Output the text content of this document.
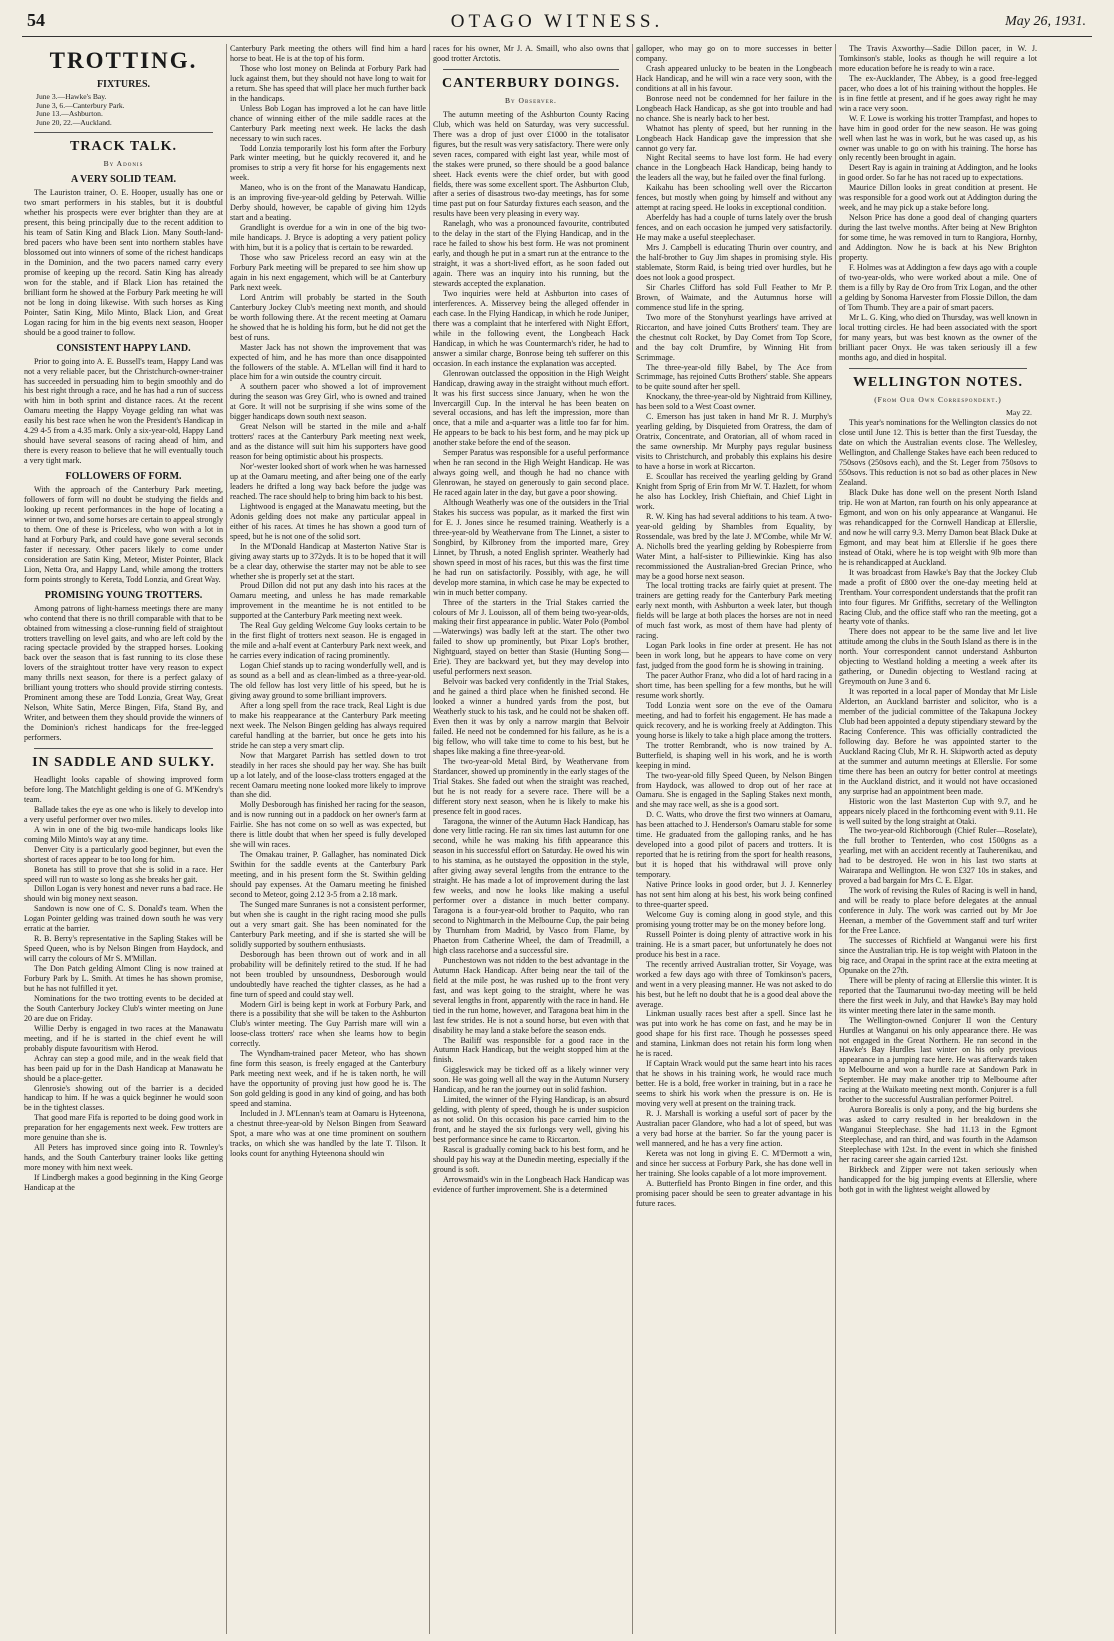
54	OTAGO WITNESS.	May 26, 1931.
TROTTING.
FIXTURES.
June 3.—Hawke's Bay.
June 3, 6.—Canterbury Park.
June 13.—Ashburton.
June 20, 22.—Auckland.
TRACK TALK.
By Adonis
A VERY SOLID TEAM.

The Lauriston trainer, O. E. Hooper, usually has one or two smart performers in his stables, but it is doubtful whether his prospects were ever brighter than they are at present, this being principally due to the recent addition to his team of Satin King and Black Lion. Many South-land-bred pacers who have been sent into northern stables have blossomed out into winners of some of the richest handicaps in the Dominion, and the two pacers named carry every promise of keeping up the record. Satin King has already won for the stable, and if Black Lion has retained the brilliant form he showed at the Forbury Park meeting he will not be long in doing likewise. With such horses as King Pointer, Satin King, Milo Minto, Black Lion, and Great Logan racing for him in the big events next season, Hooper should be a good trainer to follow.

CONSISTENT HAPPY LAND.

Prior to going into A. E. Bussell's team, Happy Land was not a very reliable pacer, but the Christchurch-owner-trainer has succeeded in persuading him to begin smoothly and do his best right through a race, and he has had a run of success with him in both sprint and distance races. At the recent Oamaru meeting the Happy Voyage gelding ran what was easily his best race when he won the President's Handicap in 4.29 4-5 from a 4.35 mark. Only a six-year-old, Happy Land should have several seasons of racing ahead of him, and there is every reason to believe that he will eventually touch a very tight mark.

FOLLOWERS OF FORM.

With the approach of the Canterbury Park meeting, followers of form will no doubt be studying the fields and looking up recent performances in the hope of locating a winner or two, and some horses are certain to appeal strongly to them. One of these is Priceless, who won with a lot in hand at Forbury Park, and could have gone several seconds faster if necessary. Other pacers likely to come under consideration are Satin King, Meteor, Mister Pointer, Black Lion, Netta Ora, and Happy Land, while among the trotters form points strongly to Kereta, Todd Lonzia, and Great Way.

PROMISING YOUNG TROTTERS.

Among patrons of light-harness meetings there are many who contend that there is no thrill comparable with that to be obtained from witnessing a close-running field of straightout trotters travelling on level gaits, and who are left cold by the racing spectacle provided by the strapped horses. Looking back over the season that is fast running to its close these lovers of the straightout trotter have very reason to expect many thrills next season, for there is a perfect galaxy of brilliant young trotters who should provide stirring contests. Prominent among these are Todd Lonzia, Great Way, Great Nelson, White Satin, Merce Bingen, Fifa, Stand By, and Writer, and between them they should provide the winners of the Dominion's richest handicaps for the free-legged performers.

IN SADDLE AND SULKY.

Headlight looks capable of showing improved form before long. The Matchlight gelding is one of G. M'Kendry's team.

Ballade takes the eye as one who is likely to develop into a very useful performer over two miles.

A win in one of the big two-mile handicaps looks like coming Milo Minto's way at any time.

Denver City is a particularly good beginner, but even the shortest of races appear to be too long for him.

Boneta has still to prove that she is solid in a race. Her speed will run to waste so long as she breaks her gait.

Dillon Logan is very honest and never runs a bad race. He should win big money next season.

Sandown is now one of C. S. Donald's team. When the Logan Pointer gelding was trained down south he was very erratic at the barrier.

R. B. Berry's representative in the Sapling Stakes will be Speed Queen, who is by Nelson Bingen from Haydock, and will carry the colours of Mr S. M'Millan.

The Don Patch gelding Almont Cling is now trained at Forbury Park by L. Smith. At times he has shown promise, but he has not fulfilled it yet.

Nominations for the two trotting events to be decided at the South Canterbury Jockey Club's winter meeting on June 20 are due on Friday.

Willie Derby is engaged in two races at the Manawatu meeting, and if he is started in the chief event he will probably dispute favouritism with Herod.

Achray can step a good mile, and in the weak field that has been paid up for in the Dash Handicap at Manawatu he should be a place-getter.

Glenrosie's showing out of the barrier is a decided handicap to him. If he was a quick beginner he would soon be in the tightest classes.

That good mare Fifa is reported to be doing good work in preparation for her engagements next week. Few trotters are more genuine than she is.

All Peters has improved since going into R. Townley's hands, and the South Canterbury trainer looks like getting more money with him next week.

If Lindbergh makes a good beginning in the King George Handicap at the

Canterbury Park meeting the others will find him a hard horse to beat. He is at the top of his form.

Those who lost money on Belinda at Forbury Park had luck against them, but they should not have long to wait for a return. She has speed that will place her much further back in the handicaps.

Unless Bob Logan has improved a lot he can have little chance of winning either of the mile saddle races at the Canterbury Park meeting next week. He lacks the dash necessary to win such races.

Todd Lonzia temporarily lost his form after the Forbury Park winter meeting, but he quickly recovered it, and he promises to strip a very fit horse for his engagements next week.

Maneo, who is on the front of the Manawatu Handicap, is an improving five-year-old gelding by Peterwah. Willie Derby should, however, be capable of giving him 12yds start and a beating.

Grandlight is overdue for a win in one of the big two-mile handicaps. J. Bryce is adopting a very patient policy with him, but it is a policy that is certain to be rewarded.

Those who saw Priceless record an easy win at the Forbury Park meeting will be prepared to see him show up again in his next engagement, which will be at Canterbury Park next week.

Lord Antrim will probably be started in the South Canterbury Jockey Club's meeting next month, and should be worth following there. At the recent meeting at Oamaru he showed that he is holding his form, but he did not get the best of runs.

Master Jack has not shown the improvement that was expected of him, and he has more than once disappointed the followers of the stable. A. M'Lellan will find it hard to place him for a win outside the country circuit.

A southern pacer who showed a lot of improvement during the season was Grey Girl, who is owned and trained at Gore. It will not be surprising if she wins some of the bigger handicaps down south next season.

Great Nelson will be started in the mile and a-half trotters' races at the Canterbury Park meeting next week, and as the distance will suit him his supporters have good reason for being optimistic about his prospects.

Nor'-wester looked short of work when he was harnessed up at the Oamaru meeting, and after being one of the early leaders he drifted a long way back before the judge was reached. The race should help to bring him back to his best.

Lightwood is engaged at the Manawatu meeting, but the Adonis gelding does not make any particular appeal in either of his races. At times he has shown a good turn of speed, but he is not one of the solid sort.

In the M'Donald Handicap at Masterton Native Star is giving away starts up to 372yds. It is to be hoped that it will be a clear day, otherwise the starter may not be able to see whether she is properly set at the start.

Proud Dillon did not put any dash into his races at the Oamaru meeting, and unless he has made remarkable improvement in the meantime he is not entitled to be supported at the Canterbury Park meeting next week.

The Real Guy gelding Welcome Guy looks certain to be in the first flight of trotters next season. He is engaged in the mile and a-half event at Canterbury Park next week, and he carries every indication of racing prominently.

Logan Chief stands up to racing wonderfully well, and is as sound as a bell and as clean-limbed as a three-year-old. The old fellow has lost very little of his speed, but he is giving away ground to some brilliant improvers.

After a long spell from the race track, Real Light is due to make his reappearance at the Canterbury Park meeting next week. The Nelson Bingen gelding has always required careful handling at the barrier, but once he gets into his stride he can step a very smart clip.

Now that Margaret Parrish has settled down to trot steadily in her races she should pay her way. She has built up a lot lately, and of the loose-class trotters engaged at the recent Oamaru meeting none looked more likely to improve than she did.

Molly Desborough has finished her racing for the season, and is now running out in a paddock on her owner's farm at Fairlie. She has not come on so well as was expected, but there is little doubt that when her speed is fully developed she will win races.

The Omakau trainer, P. Gallagher, has nominated Dick Swithin for the saddle events at the Canterbury Park meeting, and in his present form the St. Swithin gelding should pay expenses. At the Oamaru meeting he finished second to Meteor, going 2.12 3-5 from a 2.18 mark.

The Sunged mare Sunranes is not a consistent performer, but when she is caught in the right racing mood she pulls out a very smart gait. She has been nominated for the Canterbury Park meeting, and if she is started she will be solidly supported by southern enthusiasts.

Desborough has been thrown out of work and in all probability will be definitely retired to the stud. If he had not been troubled by unsoundness, Desborough would undoubtedly have reached the tighter classes, as he had a fine turn of speed and could stay well.

Modern Girl is being kept in work at Forbury Park, and there is a possibility that she will be taken to the Ashburton Club's winter meeting. The Guy Parrish mare will win a loose-class trotters' race when she learns how to begin correctly.

The Wyndham-trained pacer Meteor, who has shown fine form this season, is freely engaged at the Canterbury Park meeting next week, and if he is taken north, he will have the opportunity of proving just how good he is. The Son gold gelding is good in any kind of going, and has both speed and stamina.

Included in J. M'Lennan's team at Oamaru is Hyteenona, a chestnut three-year-old by Nelson Bingen from Seaward Spot, a mare who was at one time prominent on southern tracks, on which she was handled by the late T. Tilson. It looks count for anything Hyteenona should win

races for his owner, Mr J. A. Smaill, who also owns that good trotter Arctotis.

CANTERBURY DOINGS.
By Observer.

The autumn meeting of the Ashburton County Racing Club, which was held on Saturday, was very successful. There was a drop of just over £1000 in the totalisator figures, but the result was very satisfactory. There were only seven races, compared with eight last year, while most of the stakes were pruned, so there should be a good balance sheet. Hack events were the chief order, but with good fields, there was some excellent sport. The Ashburton Club, after a series of disastrous two-day meetings, has for some time past put on four Saturday fixtures each season, and the results have been very pleasing in every way.

Ranelagh, who was a pronounced favourite, contributed to the delay in the start of the Flying Handicap, and in the race he failed to show his best form. He was not prominent early, and though he put in a smart run at the entrance to the straight, it was a short-lived effort, as he soon faded out again. There was an inquiry into his running, but the stewards accepted the explanation.

Two inquiries were held at Ashburton into cases of interferences. A. Misservey being the alleged offender in each case. In the Flying Handicap, in which he rode Juniper, there was a complaint that he interfered with Night Effort, while in the following event, the Longbeach Hack Handicap, in which he was Countermarch's rider, he had to answer a similar charge, Bonrose being teh sufferer on this occasion. In each instance the explanation was accepted.

Glenrowan outclassed the opposition in the High Weight Handicap, drawing away in the straight without much effort. It was his first success since January, when he won the Invercargill Cup. In the interval he has been beaten on several occasions, and has left the impression, more than once, that a mile and a-quarter was a little too far for him. He appears to be back to his best form, and he may pick up another stake before the end of the season.

Semper Paratus was responsible for a useful performance when he ran second in the High Weight Handicap. He was always going well, and though he had no chance with Glenrowan, he stayed on generously to gain second place. He raced again later in the day, but gave a poor showing.

Although Weatherly was one of the outsiders in the Trial Stakes his success was popular, as it marked the first win for E. J. Jones since he resumed training. Weatherly is a three-year-old by Weathervane from The Linnet, a sister to Songbird, by Kilbroney from the imported mare, Grey Linnet, by Thrush, a noted English sprinter. Weatherly had shown speed in most of his races, but this was the first time he had run on satisfactorily. Possibly, with age, he will develop more stamina, in which case he may be expected to win in much better company.

Three of the starters in the Trial Stakes carried the colours of Mr J. Louisson, all of them being two-year-olds, making their first appearance in public. Water Polo (Pombol—Waterwings) was badly left at the start. The other two failed to show up prominently, but Pixar Lop's brother, Nightguard, stayed on better than Stasie (Hunting Song—Erie). They are backward yet, but they may develop into useful performers next season.

Belvoir was backed very confidently in the Trial Stakes, and he gained a third place when he finished second. He looked a winner a hundred yards from the post, but Weatherly stuck to his task, and he could not be shaken off. Even then it was by only a narrow margin that Belvoir failed. He need not be condemned for his failure, as he is a big fellow, who will take time to come to his best, but he shapes like making a fine three-year-old.

The two-year-old Metal Bird, by Weathervane from Stardancer, showed up prominently in the early stages of the Trial Stakes. She faded out when the straight was reached, but he is not ready for a severe race. There will be a different story next season, when he is likely to make his presence felt in good races.

Taragona, the winner of the Autumn Hack Handicap, has done very little racing. He ran six times last autumn for one second, while he was making his fifth appearance this season in his successful effort on Saturday. He owed his win to his stamina, as he outstayed the opposition in the style, after giving away several lengths from the entrance to the straight. He has made a lot of improvement during the last few weeks, and now he looks like making a useful performer over a distance in much better company. Taragona is a four-year-old brother to Paquito, who ran second to Nightmarch in the Melbourne Cup, the pair being by Thurnham from Madrid, by Vasco from Flame, by Phaeton from Catherine Wheel, the dam of Treadmill, a high class racehorse and a successful sire.

Punchestown was not ridden to the best advantage in the Autumn Hack Handicap. After being near the tail of the field at the mile post, he was rushed up to the front very fast, and was kept going to the straight, where he was several lengths in front, apparently with the race in hand. He tied in the run home, however, and Taragona beat him in the last few strides. He is not a sound horse, but even with that disability he may land a stake before the season ends.

The Bailiff was responsible for a good race in the Autumn Hack Handicap, but the weight stopped him at the finish.

Giggleswick may be ticked off as a likely winner very soon. He was going well all the way in the Autumn Nursery Handicap, and he ran the journey out in solid fashion.

Limited, the winner of the Flying Handicap, is an absurd gelding, with plenty of speed, though he is under suspicion as not solid. On this occasion his pace carried him to the front, and he stayed the six furlongs very well, giving his best performance since he came to Riccarton.

Rascal is gradually coming back to his best form, and he should pay his way at the Dunedin meeting, especially if the ground is soft.

Arrowsmaid's win in the Longbeach Hack Handicap was evidence of further improvement. She is a determined

galloper, who may go on to more successes in better company.

Crash appeared unlucky to be beaten in the Longbeach Hack Handicap, and he will win a race very soon, with the conditions at all in his favour.

Bonrose need not be condemned for her failure in the Longbeach Hack Handicap, as she got into trouble and had no chance. She is nearly back to her best.

Whatnot has plenty of speed, but her running in the Longbeach Hack Handicap gave the impression that she cannot go very far.

Night Recital seems to have lost form. He had every chance in the Longbeach Hack Handicap, being handy to the leaders all the way, but he failed over the final furlong.

Kaikahu has been schooling well over the Riccarton fences, but mostly when going by himself and without any attempt at racing speed. He looks in exceptional condition.

Aberfeldy has had a couple of turns lately over the brush fences, and on each occasion he jumped very satisfactorily. He may make a useful steeplechaser.

Mrs J. Campbell is educating Thurin over country, and the half-brother to Guy Jim shapes in promising style. His stablemate, Storm Raid, is being tried over hurdles, but he does not look a good prospect.

Sir Charles Clifford has sold Full Feather to Mr P. Brown, of Waimate, and the Autumnus horse will commence stud life in the spring.

Two more of the Stonyhurst yearlings have arrived at Riccarton, and have joined Cutts Brothers' team. They are the chestnut colt Rocket, by Day Comet from Top Score, and the bay colt Drumfire, by Winning Hit from Scrimmage.

The three-year-old filly Babel, by The Ace from Scrimmage, has rejoined Cutts Brothers' stable. She appears to be quite sound after her spell.

Knockany, the three-year-old by Nightraid from Killiney, has been sold to a West Coast owner.

C. Emerson has just taken in hand Mr R. J. Murphy's yearling gelding, by Disquieted from Oratress, the dam of Oratrix, Concentrate, and Oratorian, all of whom raced in the same ownership. Mr Murphy pays regular business visits to Christchurch, and probably this explains his desire to have a horse in work at Riccarton.

E. Scoullar has received the yearling gelding by Grand Knight from Sprig of Erin from Mr W. T. Hazlett, for whom he also has Lockley, Irish Chieftain, and Chief Light in work.

R. W. King has had several additions to his team. A two-year-old gelding by Shambles from Equality, by Rossendale, was bred by the late J. M'Combe, while Mr W. A. Nicholls bred the yearling gelding by Robespierre from Water Mint, a half-sister to Pilliewinkie. King has also recommissioned the Australian-bred Grecian Prince, who may be a good horse next season.

The local trotting tracks are fairly quiet at present. The trainers are getting ready for the Canterbury Park meeting early next month, with Ashburton a week later, but though fields will be large at both places the horses are not in need of much fast work, as most of them have had plenty of racing.

Logan Park looks in fine order at present. He has not been in work long, but he appears to have come on very fast, judged from the good form he is showing in training.

The pacer Author Franz, who did a lot of hard racing in a short time, has been spelling for a few months, but he will resume work shortly.

Todd Lonzia went sore on the eve of the Oamaru meeting, and had to forfeit his engagement. He has made a quick recovery, and he is working freely at Addington. This young horse is likely to take a high place among the trotters.

The trotter Rembrandt, who is now trained by A. Butterfield, is shaping well in his work, and he is worth keeping in mind.

The two-year-old filly Speed Queen, by Nelson Bingen from Haydock, was allowed to drop out of her race at Oamaru. She is engaged in the Sapling Stakes next month, and she may race well, as she is a good sort.

D. C. Watts, who drove the first two winners at Oamaru, has been attached to J. Henderson's Oamaru stable for some time. He graduated from the galloping ranks, and he has developed into a good pilot of pacers and trotters. It is reported that he is retiring from the sport for health reasons, but it is hoped that his withdrawal will prove only temporary.

Native Prince looks in good order, but J. J. Kennerley has not sent him along at his best, his work being confined to three-quarter speed.

Welcome Guy is coming along in good style, and this promising young trotter may be on the money before long.

Russell Pointer is doing plenty of attractive work in his training. He is a smart pacer, but unfortunately he does not produce his best in a race.

The recently arrived Australian trotter, Sir Voyage, was worked a few days ago with three of Tomkinson's pacers, and went in a very pleasing manner. He was not asked to do his best, but he left no doubt that he is a good deal above the average.

Linkman usually races best after a spell. Since last he was put into work he has come on fast, and he may be in good shape for his first race. Though he possesses speed and stamina, Linkman does not retain his form long when he is raced.

If Captain Wrack would put the same heart into his races that he shows in his training work, he would race much better. He is a bold, free worker in training, but in a race he seems to shirk his work when the pressure is on. He is moving very well at present on the training track.

R. J. Marshall is working a useful sort of pacer by the Australian pacer Glandore, who had a lot of speed, but was a very bad horse at the barrier. So far the young pacer is well mannered, and he has a very fine action.

Kereta was not long in giving E. C. M'Dermott a win, and since her success at Forbury Park, she has done well in her training. She looks capable of a lot more improvement.

A. Butterfield has Pronto Bingen in fine order, and this promising pacer should be seen to greater advantage in his future races.

The Travis Axworthy—Sadie Dillon pacer, in W. J. Tomkinson's stable, looks as though he will require a lot more education before he is ready to win a race.

The ex-Aucklander, The Abbey, is a good free-legged pacer, who does a lot of his training without the hopples. He is in fine fettle at present, and if he goes away right he may win a race very soon.

W. F. Lowe is working his trotter Trampfast, and hopes to have him in good order for the new season. He was going well when last he was in work, but he was cased up, as his owner was unable to go on with his training. The horse has only recently been brought in again.

Desert Ray is again in training at Addington, and he looks in good order. So far he has not raced up to expectations.

Maurice Dillon looks in great condition at present. He was responsible for a good work out at Addington during the week, and he may pick up a stake before long.

Nelson Price has done a good deal of changing quarters during the last twelve months. After being at New Brighton for some time, he was removed in turn to Rangiora, Hornby, and Addington. Now he is back at his New Brighton property.

F. Holmes was at Addington a few days ago with a couple of two-year-olds, who were worked about a mile. One of them is a filly by Ray de Oro from Trix Logan, and the other a gelding by Sonoma Harvester from Flossie Dillon, the dam of Tom Thumb. They are a pair of smart pacers.

Mr L. G. King, who died on Thursday, was well known in local trotting circles. He had been associated with the sport for many years, but was best known as the owner of the brilliant pacer Onyx. He was taken seriously ill a few months ago, and died in hospital.

WELLINGTON NOTES.
(From Our Own Correspondent.)
May 22.

This year's nominations for the Wellington classics do not close until June 12. This is better than the first Tuesday, the date on which the Australian events close. The Wellesley, Wellington, and Challenge Stakes have each been reduced to 750sovs (250sovs each), and the St. Leger from 750sovs to 550sovs. This reduction is not so bad as other places in New Zealand.

Black Duke has done well on the present North Island trip. He won at Marton, ran fourth on his only appearance at Egmont, and won on his only appearance at Wanganui. He was rehandicapped for the Cornwell Handicap at Ellerslie, and now he will carry 9.3. Merry Damon beat Black Duke at Egmont, and may beat him at Ellerslie if he goes there instead of Otaki, where he is top weight with 9lb more than he is rehandicapped at Auckland.

It was broadcast from Hawke's Bay that the Jockey Club made a profit of £800 over the one-day meeting held at Trentham. Your correspondent understands that the profit ran into four figures. Mr Griffiths, secretary of the Wellington Racing Club, and the office staff who ran the meeting, got a hearty vote of thanks.

There does not appear to be the same live and let live attitude among the clubs in the South Island as there is in the north. Your correspondent cannot understand Ashburton objecting to Westland holding a meeting a week after its gathering, or Dunedin objecting to Westland racing at Greymouth on June 3 and 6.

It was reported in a local paper of Monday that Mr Lisle Alderton, an Auckland barrister and solicitor, who is a member of the judicial committee of the Takapuna Jockey Club had been appointed a deputy stipendiary steward by the Racing Conference. This was officially contradicted the following day. Before he was appointed starter to the Auckland Racing Club, Mr R. H. Skipworth acted as deputy at the summer and autumn meetings at Ellerslie. For some time there has been an outcry for better control at meetings in the Auckland district, and it would not have occasioned any surprise had an appointment been made.

Historic won the last Masterton Cup with 9.7, and he appears nicely placed in the forthcoming event with 9.11. He is well suited by the long straight at Otaki.

The two-year-old Richborough (Chief Ruler—Roselate), the full brother to Tenterden, who cost 1500gns as a yearling, met with an accident recently at Tauherenikau, and had to be destroyed. He won in his last two starts at Wairarapa and Wellington. He won £327 10s in stakes, and proved a bad bargain for Mrs C. E. Elgar.

The work of revising the Rules of Racing is well in hand, and will be ready to place before delegates at the annual conference in July. The work was carried out by Mr Joe Heenan, a member of the Government staff and turf writer for the Free Lance.

The successes of Richfield at Wanganui were his first since the Australian trip. He is top weight with Platoon in the big race, and Orapai in the sprint race at the extra meeting at Opunake on the 27th.

There will be plenty of racing at Ellerslie this winter. It is reported that the Taumarunui two-day meeting will be held there the first week in July, and that Hawke's Bay may hold its winter meeting there later in the same month.

The Wellington-owned Conjurer II won the Century Hurdles at Wanganui on his only appearance there. He was not engaged in the Great Northern. He ran second in the Hawke's Bay Hurdles last winter on his only previous appearance in a jumping race here. He was afterwards taken to Melbourne and won a hurdle race at Sandown Park in September. He may make another trip to Melbourne after racing at the Waikato meeting next month. Conjurer is a full brother to the successful Australian performer Poitrel.

Aurora Borealis is only a pony, and the big burdens she was asked to carry resulted in her breakdown in the Wanganui Steeplechase. She had 11.13 in the Egmont Steeplechase, and ran third, and was fourth in the Adamson Steeplechase with 12st. In the event in which she finished her racing career she again carried 12st.

Birkbeck and Zipper were not taken seriously when handicapped for the big jumping events at Ellerslie, where both got in with the lightest weight allowed by
